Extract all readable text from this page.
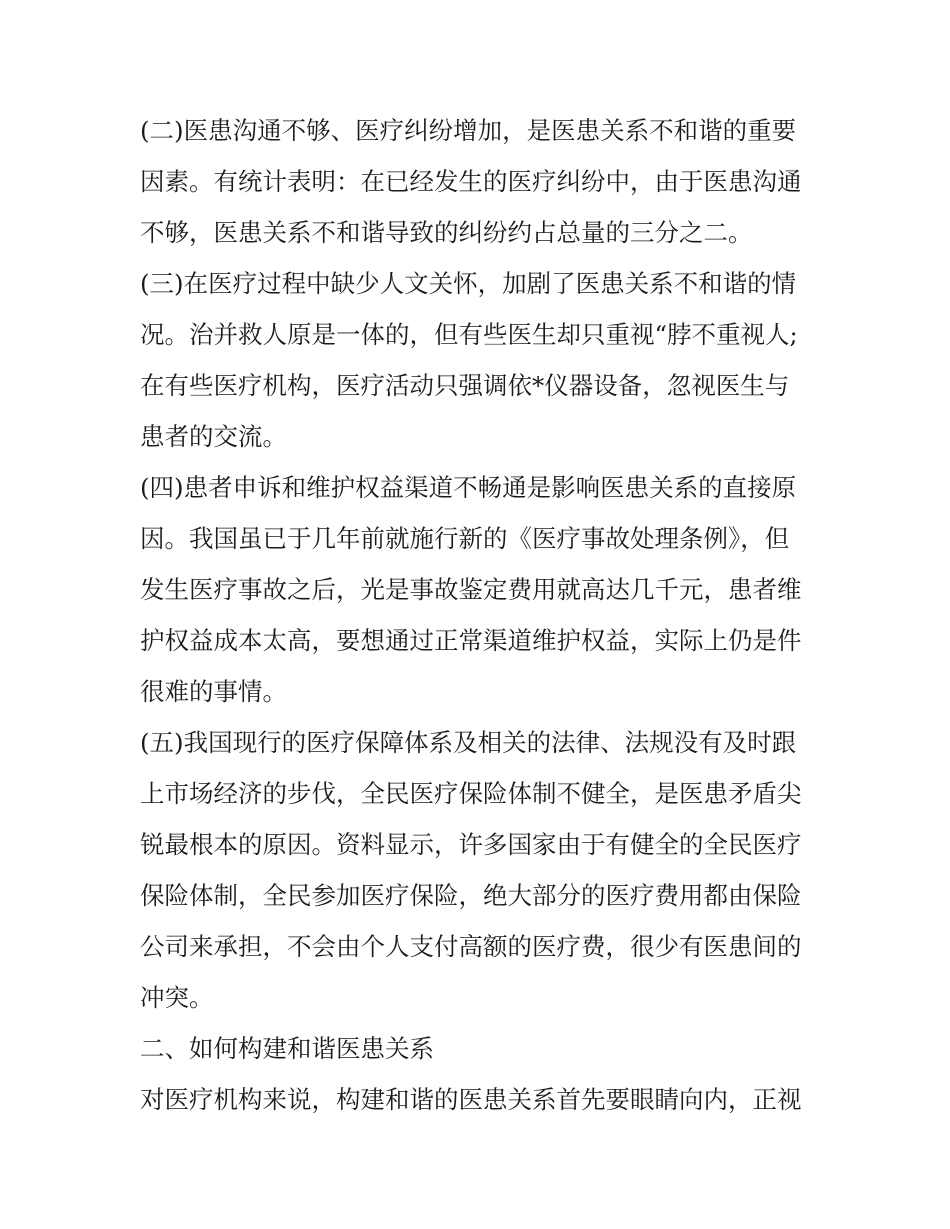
(二)医患沟通不够、医疗纠纷增加，是医患关系不和谐的重要
因素。有统计表明：在已经发生的医疗纠纷中，由于医患沟通
不够，医患关系不和谐导致的纠纷约占总量的三分之二。
(三)在医疗过程中缺少人文关怀，加剧了医患关系不和谐的情
况。治并救人原是一体的，但有些医生却只重视“脖不重视人;
在有些医疗机构，医疗活动只强调依*仪器设备，忽视医生与
患者的交流。
(四)患者申诉和维护权益渠道不畅通是影响医患关系的直接原
因。我国虽已于几年前就施行新的《医疗事故处理条例》，但
发生医疗事故之后，光是事故鉴定费用就高达几千元，患者维
护权益成本太高，要想通过正常渠道维护权益，实际上仍是件
很难的事情。
(五)我国现行的医疗保障体系及相关的法律、法规没有及时跟
上市场经济的步伐，全民医疗保险体制不健全，是医患矛盾尖
锐最根本的原因。资料显示，许多国家由于有健全的全民医疗
保险体制，全民参加医疗保险，绝大部分的医疗费用都由保险
公司来承担，不会由个人支付高额的医疗费，很少有医患间的
冲突。
二、如何构建和谐医患关系
对医疗机构来说，构建和谐的医患关系首先要眼睛向内，正视
